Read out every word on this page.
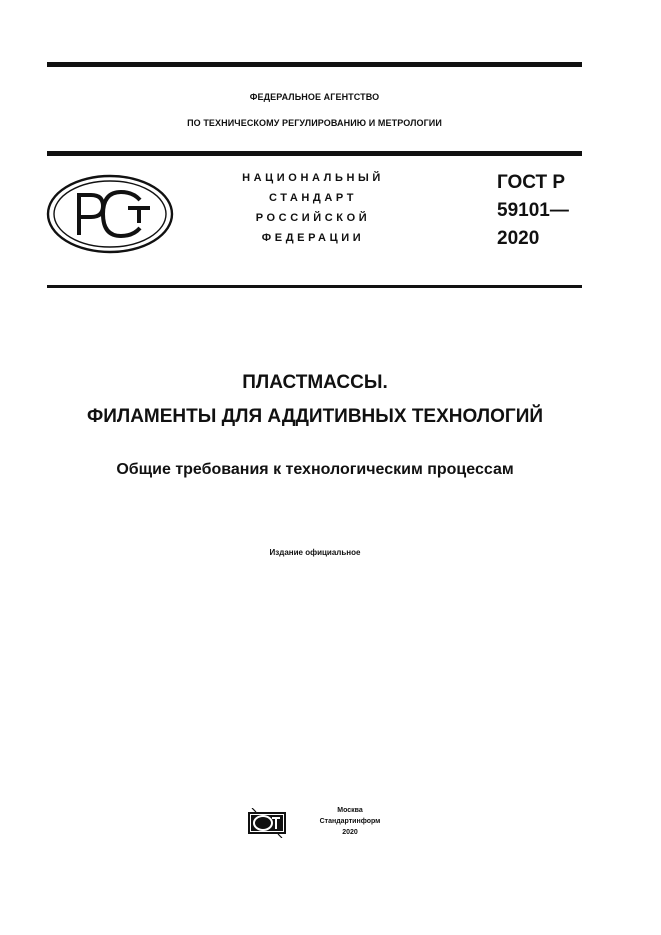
ФЕДЕРАЛЬНОЕ АГЕНТСТВО
ПО ТЕХНИЧЕСКОМУ РЕГУЛИРОВАНИЮ И МЕТРОЛОГИИ
НАЦИОНАЛЬНЫЙ
СТАНДАРТ
РОССИЙСКОЙ
ФЕДЕРАЦИИ
ГОСТ Р
59101—
2020
ПЛАСТМАССЫ.
ФИЛАМЕНТЫ ДЛЯ АДДИТИВНЫХ ТЕХНОЛОГИЙ
Общие требования к технологическим процессам
Издание официальное
Москва
Стандартинформ
2020
